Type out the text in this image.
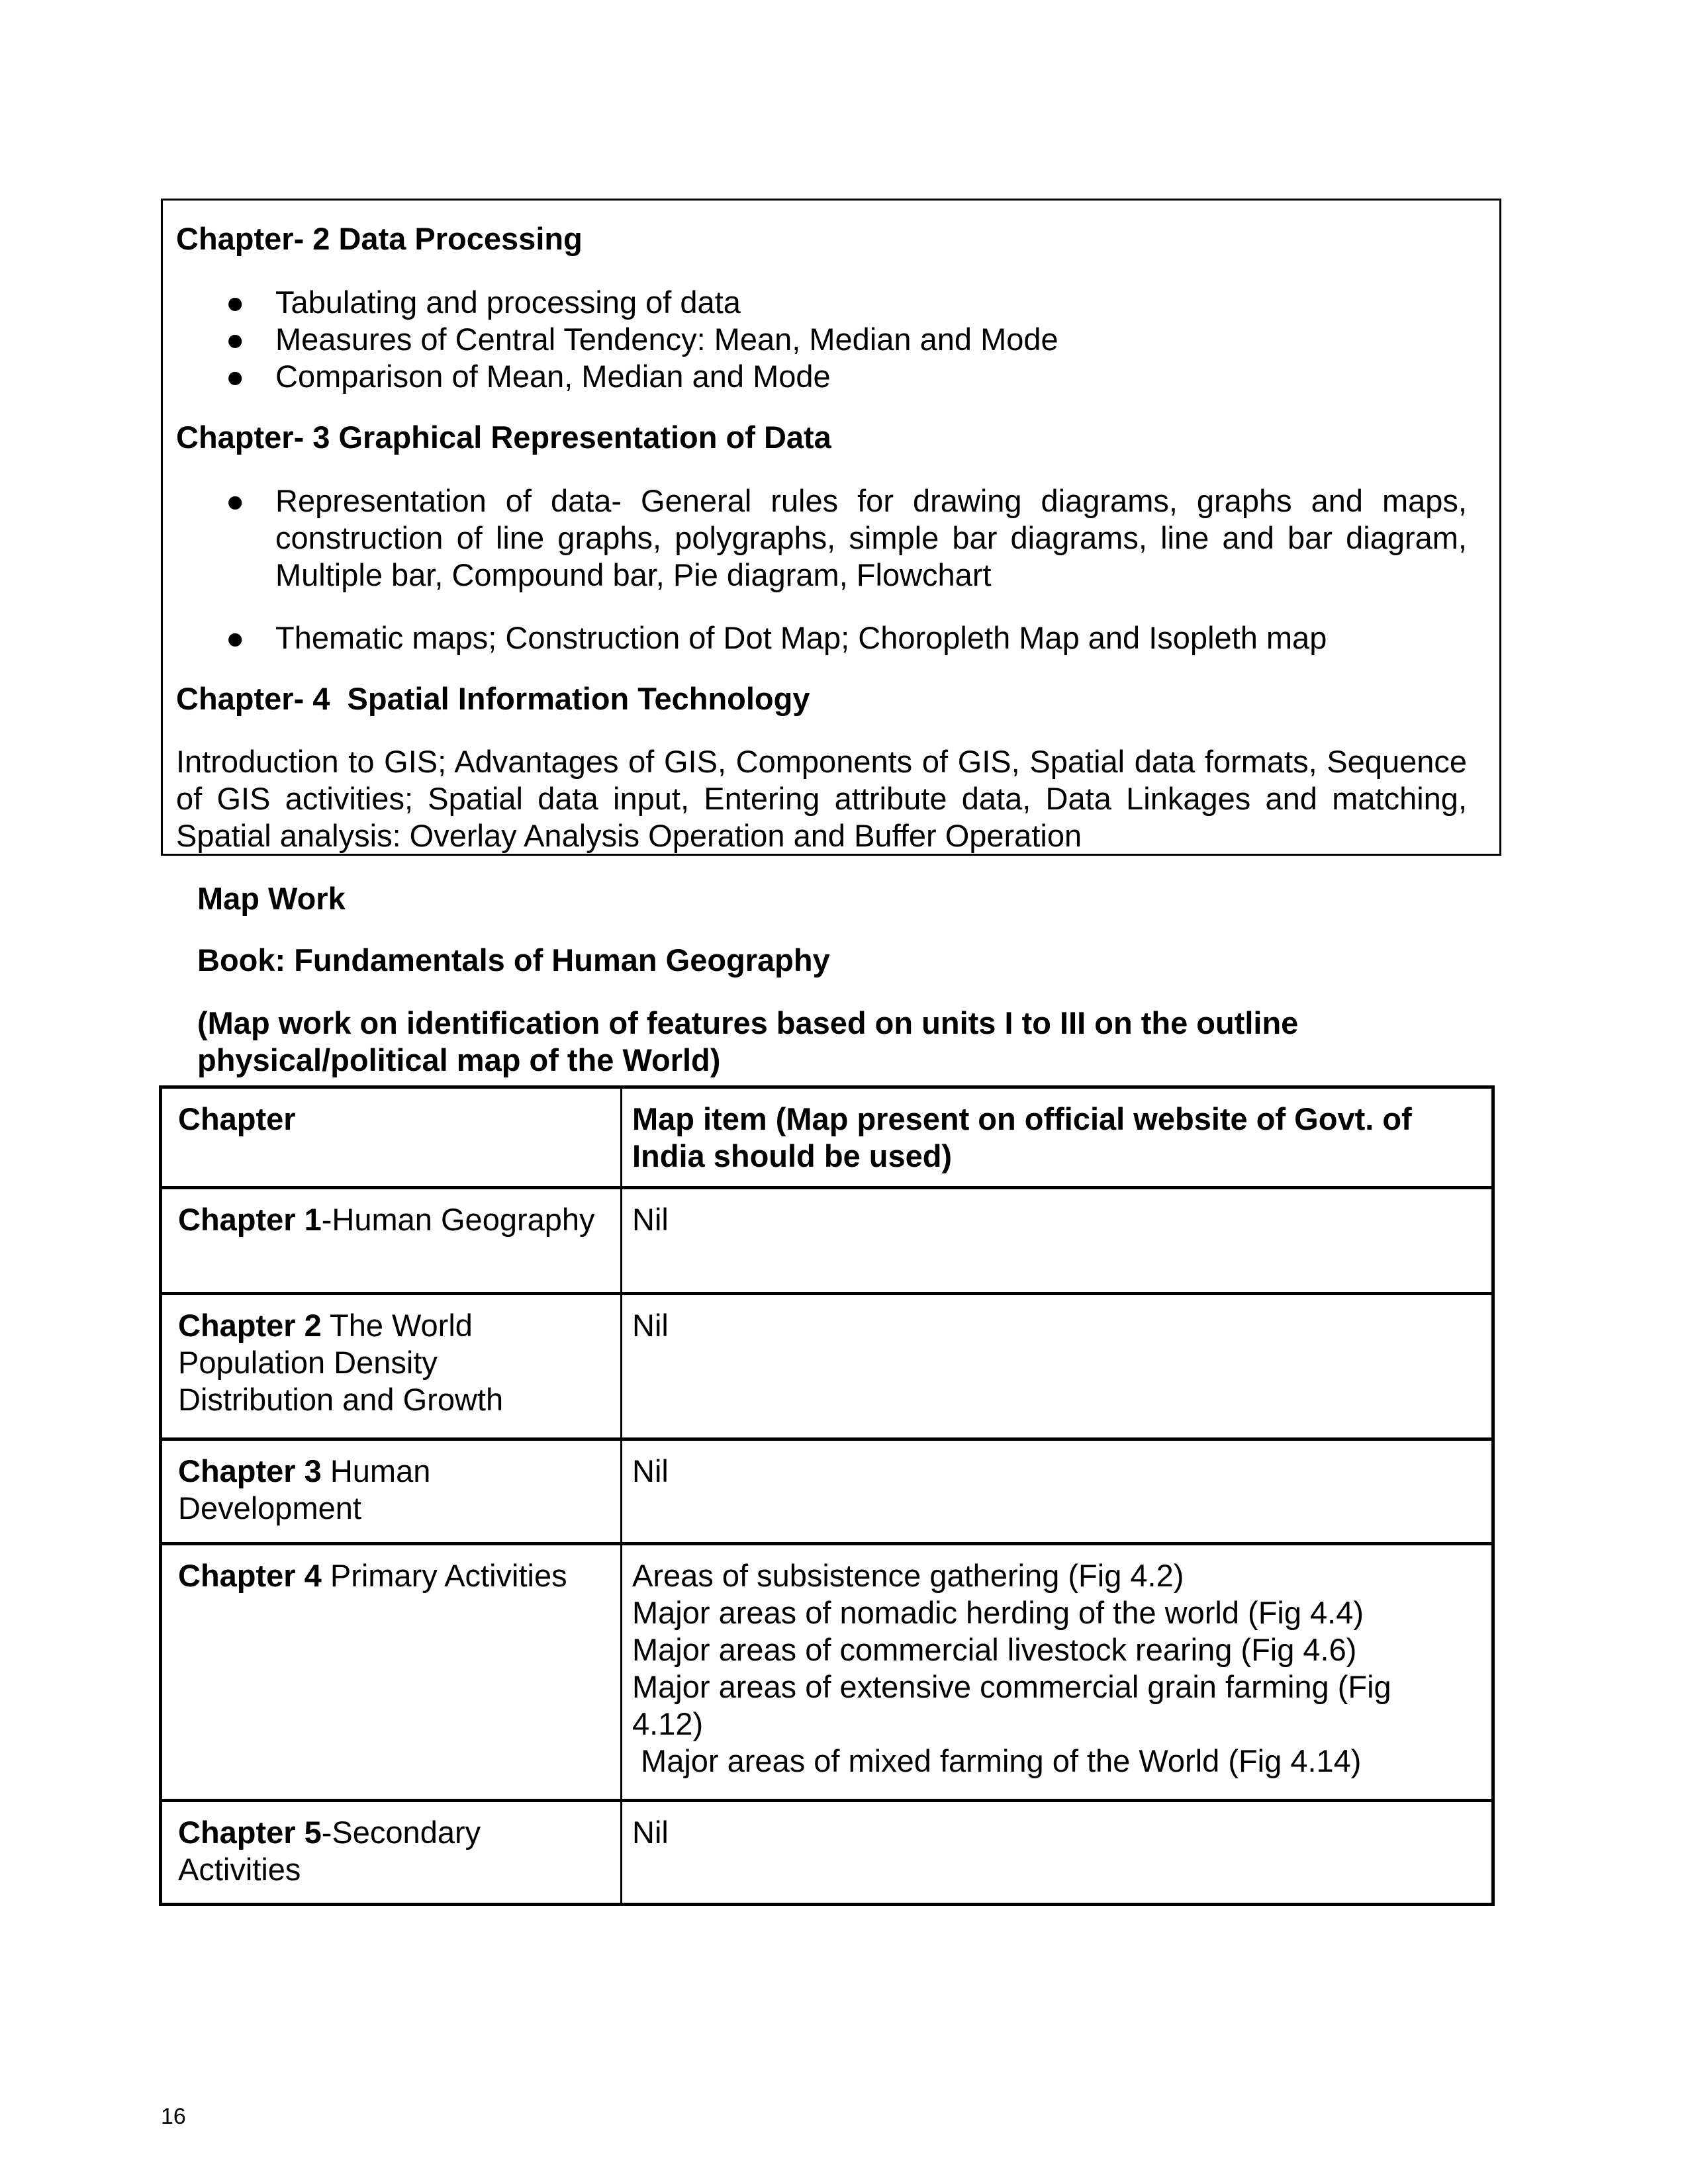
Chapter- 2 Data Processing
● Tabulating and processing of data
● Measures of Central Tendency: Mean, Median and Mode
● Comparison of Mean, Median and Mode
Chapter- 3 Graphical Representation of Data
● Representation of data- General rules for drawing diagrams, graphs and maps, construction of line graphs, polygraphs, simple bar diagrams, line and bar diagram, Multiple bar, Compound bar, Pie diagram, Flowchart
● Thematic maps; Construction of Dot Map; Choropleth Map and Isopleth map
Chapter- 4  Spatial Information Technology
Introduction to GIS; Advantages of GIS, Components of GIS, Spatial data formats, Sequence of GIS activities; Spatial data input, Entering attribute data, Data Linkages and matching, Spatial analysis: Overlay Analysis Operation and Buffer Operation
Map Work
Book: Fundamentals of Human Geography
(Map work on identification of features based on units I to III on the outline physical/political map of the World)
Chapter	Map item (Map present on official website of Govt. of India should be used)
Chapter 1-Human Geography Nil
Chapter 2 The World Population Density Distribution and Growth
Nil
Chapter 3 Human Development
Nil
Chapter 4 Primary Activities	Areas of subsistence gathering (Fig 4.2)
Major areas of nomadic herding of the world (Fig 4.4)
Major areas of commercial livestock rearing (Fig 4.6)
Major areas of extensive commercial grain farming (Fig 4.12)
Major areas of mixed farming of the World (Fig 4.14)
Chapter 5-Secondary Activities
Nil
16
